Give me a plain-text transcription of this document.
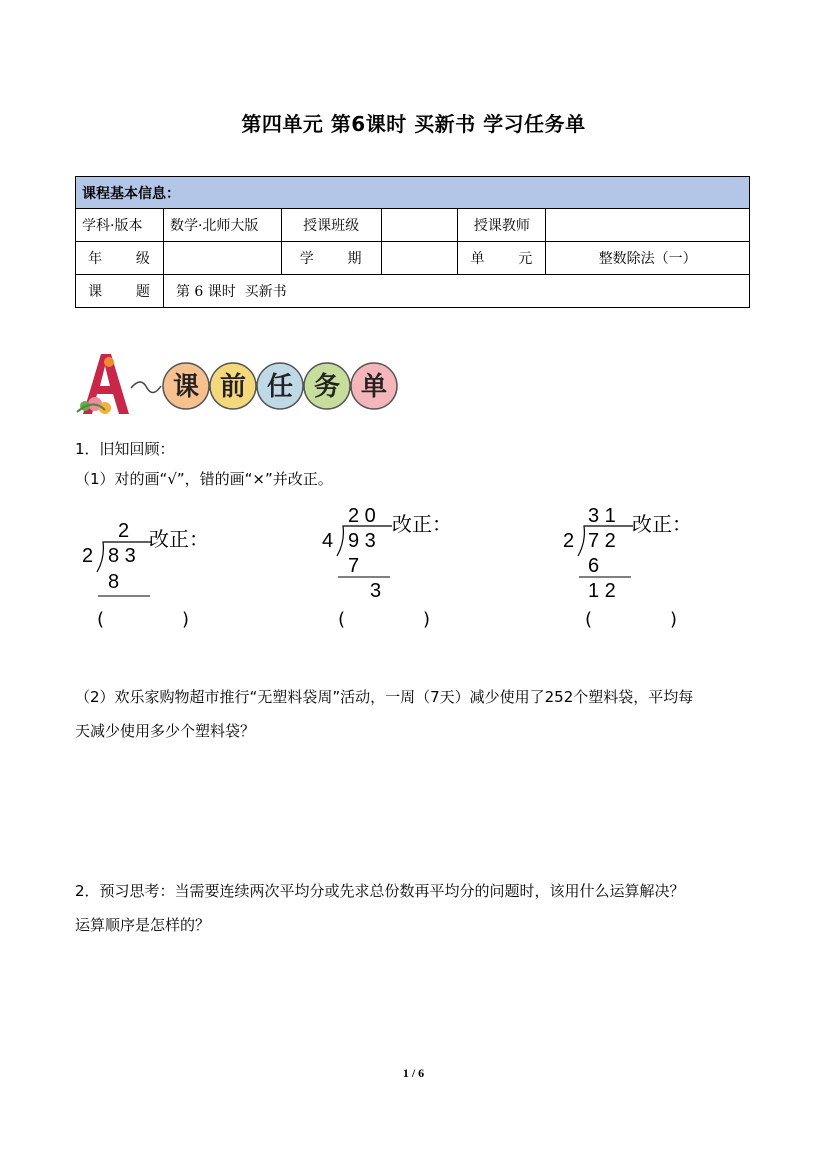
第四单元 第6课时 买新书 学习任务单
课程基本信息：					
学科·版本	数学·北师大版	授课班级		授课教师	
年      级		学      期		单      元	整数除法（一）
课      题	第 6 课时  买新书				
课 前 任 务 单
1．旧知回顾：
（1）对的画“√”，错的画“×”并改正。
2 改正：
2 8 3
8
2 0 改正：
4 9 3
7
3
3 1 改正：
2 7 2
6
1 2
(	)	(	)	(	)
（2）欢乐家购物超市推行“无塑料袋周”活动，一周（7天）减少使用了252个塑料袋，平均每
天减少使用多少个塑料袋？
2．预习思考：当需要连续两次平均分或先求总份数再平均分的问题时，该用什么运算解决？
运算顺序是怎样的？
1 / 6
